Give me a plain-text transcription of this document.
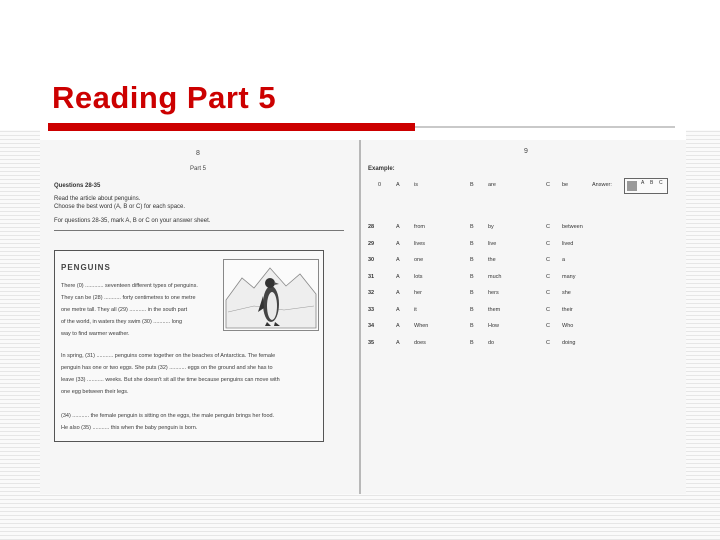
Reading Part 5
8
Part 5
Questions 28-35
Read the article about penguins.
Choose the best word (A, B or C) for each space.
For questions 28-35, mark A, B or C on your answer sheet.
PENGUINS
There (0) ............ seventeen different types of penguins.
They can be (28) ........... forty centimetres to one metre
one metre tall. They all (29) ........... in the south part
of the world, in waters they swim (30) ........... long
way to find warmer weather.
In spring, (31) ........... penguins come together on the beaches of Antarctica. The female
penguin has one or two eggs. She puts (32) ........... eggs on the ground and she has to
leave (33) ........... weeks. But she doesn't sit all the time because penguins can move with
one egg between their legs.
(34) ........... the female penguin is sitting on the eggs, the male penguin brings her food.
He also (35) ........... this when the baby penguin is born.
9
Example:
0	A	is	B	are	C be	Answer:	A B C
28	A	from	B	by	C between
29	A	lives	B	live	C lived
30	A	one	B	the	C a
31	A	lots	B	much	C many
32	A	her	B	hers	C she
33	A	it	B	them	C their
34	A	When	B	How	C Who
35	A	does	B	do	C doing
